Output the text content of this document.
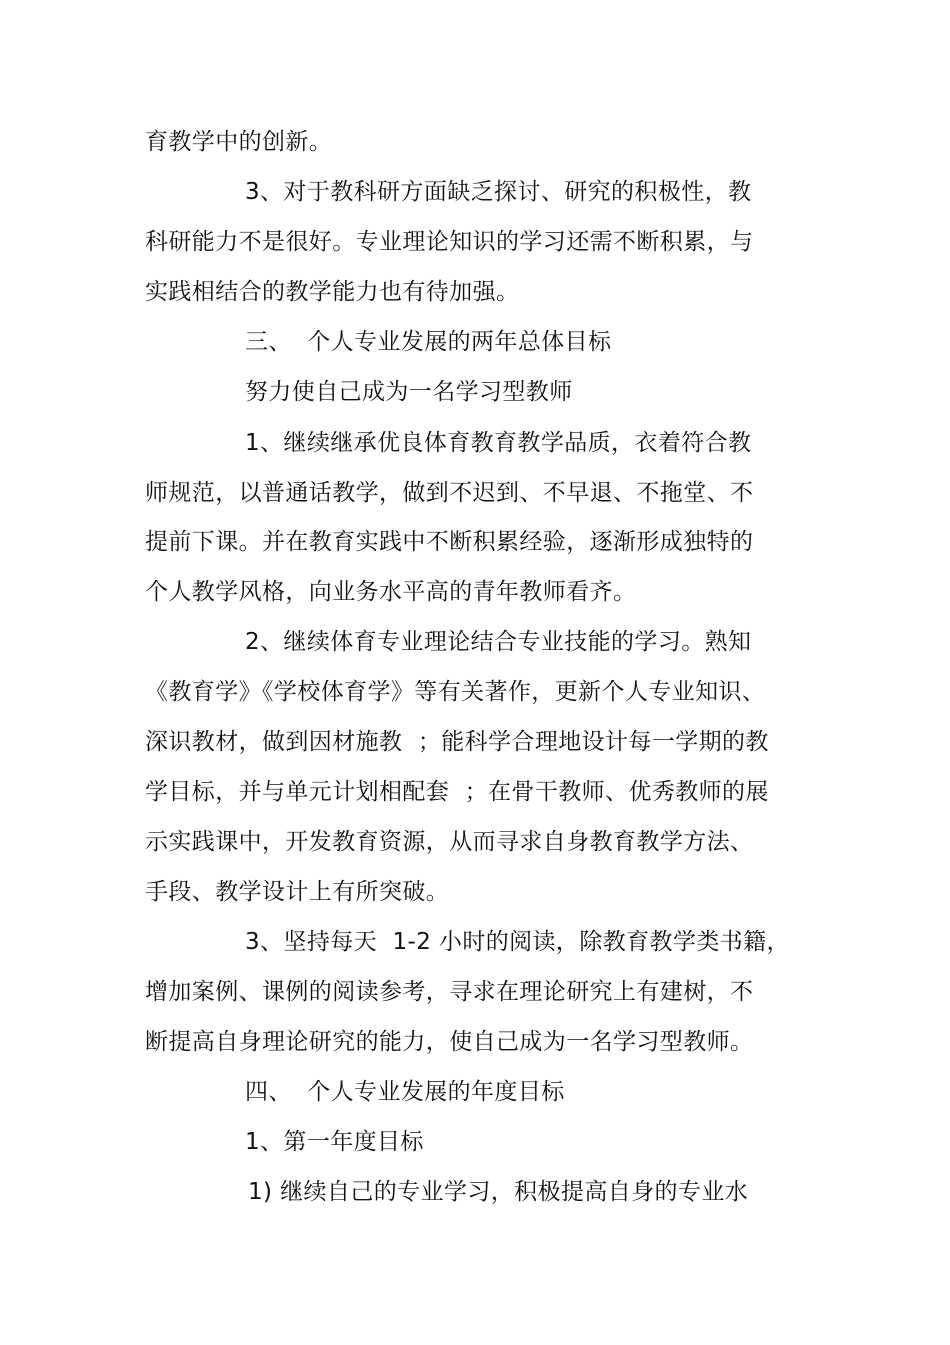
育教学中的创新。
3、对于教科研方面缺乏探讨、研究的积极性，教
科研能力不是很好。专业理论知识的学习还需不断积累，与
实践相结合的教学能力也有待加强。
三、  个人专业发展的两年总体目标
努力使自己成为一名学习型教师
1、继续继承优良体育教育教学品质，衣着符合教
师规范，以普通话教学，做到不迟到、不早退、不拖堂、不
提前下课。并在教育实践中不断积累经验，逐渐形成独特的
个人教学风格，向业务水平高的青年教师看齐。
2、继续体育专业理论结合专业技能的学习。熟知
《教育学》《学校体育学》等有关著作，更新个人专业知识、
深识教材，做到因材施教  ；能科学合理地设计每一学期的教
学目标，并与单元计划相配套  ；在骨干教师、优秀教师的展
示实践课中，开发教育资源，从而寻求自身教育教学方法、
手段、教学设计上有所突破。
3、坚持每天  1-2 小时的阅读，除教育教学类书籍，
增加案例、课例的阅读参考，寻求在理论研究上有建树，不
断提高自身理论研究的能力，使自己成为一名学习型教师。
四、  个人专业发展的年度目标
1、第一年度目标
1) 继续自己的专业学习，积极提高自身的专业水
